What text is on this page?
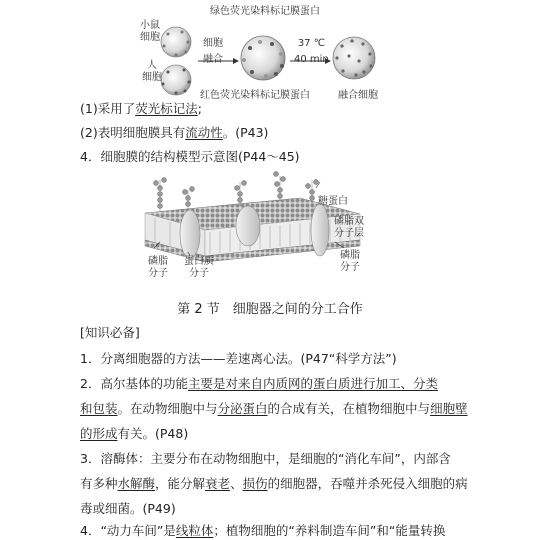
小鼠
细胞
人
细胞
细胞
融合
绿色荧光染料标记膜蛋白
红色荧光染料标记膜蛋白
37 ℃
40 min
融合细胞
(1)采用了荧光标记法;
(2)表明细胞膜具有流动性。(P43)
4．细胞膜的结构模型示意图(P44～45)
糖蛋白
磷脂双
分子层
磷脂
分子
磷脂
分子
蛋白质
分子
第 2 节　细胞器之间的分工合作
[知识必备]
1．分离细胞器的方法——差速离心法。(P47“科学方法”)
2．高尔基体的功能主要是对来自内质网的蛋白质进行加工、分类
和包装。在动物细胞中与分泌蛋白的合成有关，在植物细胞中与细胞壁
的形成有关。(P48)
3．溶酶体：主要分布在动物细胞中，是细胞的“消化车间”，内部含
有多种水解酶，能分解衰老、损伤的细胞器，吞噬并杀死侵入细胞的病
毒或细菌。(P49)
4．“动力车间”是线粒体；植物细胞的“养料制造车间”和“能量转换
